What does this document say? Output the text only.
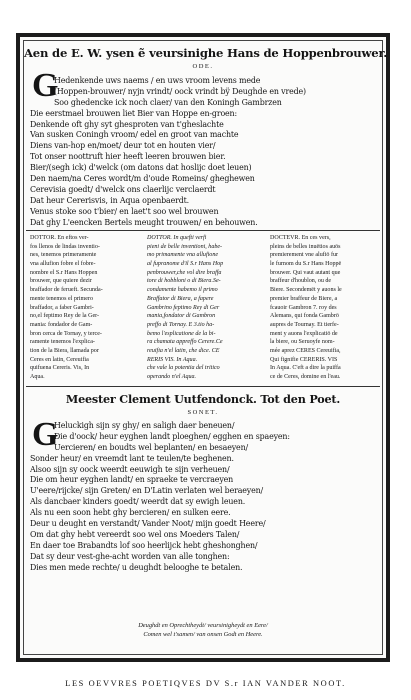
Aen de E. W. ysen ẽ veursinighe Hans de Hoppenbrouwer.
ODE.
G
Hedenkende uws naems / en uws vroom levens mede
(Hoppen-brouwer/ nyjn vrindt/ oock vrindt bÿ Deughde en vrede)
Soo ghedencke ick noch claer/ van den Koningh Gambrzen
Die eerstmael brouwen liet Bier van Hoppe en-groen:
Denkende oft ghy syt ghesproten van t'gheslachte
Van susken Coningh vroom/ edel en groot van machte
Diens van-hop en/moet/ deur tot en houten vier/
Tot onser noottruft hier heeft leeren brouwen bier.
Bier/(segh ick) d'welck (om datons dat hoslijc doet leuen)
Den naem/na Ceres wordt/m d'oude Romeins/ gheghewen
Cerevisia goedt/ d'welck ons claerlijc verclaerdt
Dat heur Cererisvis, in Aqua openbaerdt.
Venus stoke soo t'bier/ en laet't soo wel brouwen
Dat ghy L'eencken Bertels meught trouwen/ en behouwen.
DOTTOR. En eftos ver-
fos llenos de lindas inventio-
nes, tenemos primeramente
vna allufion fobre el fobre-
nombre el S.r Hans Hoppen
brouwer, que quiere dezir
braffador de ferueft. Secunda-
mente tenemos el primero
braffador, a faber Gambri-
no,el feptimo Rey de la Ger-
mania: fondador de Gam-
bron cerca de Tornay, y terce-
ramente tenemos l'explica-
tion de la Biera, llamada por
Ceres en latin, Cereuifia
quifuena Cereris. Vis, In
Aqua.
DOTTOR. In quefti verfi
pieni de belle inventioni, habe-
mo primamente vna allufione
al fupranome d'il S.r Hans Hop
penbrouwer,che vol dire braffa
tore di hobbloni o di Biera.Se-
condamente habemo il primo
Braffator di Biera, a fapere
Gambrino feptimo Rey di Ger
mania,fondator di Gambron
preffo di Tornay. E 3.tio ha-
bemo l'esplicatione de la bi-
ra chamata appreffo Cerere.Ce
reuifia n'el latin, che dice. CE
RERIS VIS. In Aqua.
che vale la potentia del tritico
operando n'el Aqua.
DOCTEVR. En ces vers,
pleins de belles inuētios auōs
premierement vne alufiō fur
le furnom du S.r Hans Hoppē
brouwer. Qui vaut autant que
braffeur d'houblon, ou de
Biere. Secondemēt y auons le
premier braffeur de Biere, a
fcauoir Gambron 7. roy des
Alemans, qui fonda Gambrō
aupres de Tournay. Et tierfe-
ment y auons l'explicatiō de
la biere, ou Seruoyfe nom-
mée aprez CERES Cereuifia,
Qui fignifie CERERIS. VIS
In Aqua. C'eft a dire la puiffa
ce de Ceres, domine en l'eau.
Meester Clement Uutfendonck. Tot den Poet.
SONET.
G
Heluckigh sijn sy ghy/ en saligh daer beneuen/
Die d'oock/ heur eyghen landt ploeghen/ egghen en spaeyen:
Uercieren/ en boudts wel beplanten/ en besaeyen/
Sonder heur/ en vreemdt lant te teulen/te beghenen.
Alsoo sijn sy oock weerdt eeuwigh te sijn verheuen/
Die om heur eyghen landt/ en spraeke te vercraeyen
U'eere/rijcke/ sijn Greten/ en D'Latin verlaten wel beraeyen/
Als dancbaer kinders goedt/ weerdt dat sy ewigh leuen.
Als nu een soon hebt ghy bercieren/ en sulken eere.
Deur u deught en verstandt/ Vander Noot/ mijn goedt Heere/
Om dat ghy hebt vereerdt soo wel ons Moeders Talen/
En daer toe Brabandts lof soo heerlijck hebt gheshonghen/
Dat sy deur vest-ghe-acht worden van alle tonghen:
Dies men mede rechte/ u deughdt belooghe te betalen.
Deughdt en Oprechtheydt/ veursinigheydt en Eere/
Comen wel t'samen/ van onsen Godt en Heere.
LES OEVVRES POETIQVES DV S.r IAN VANDER NOOT.
